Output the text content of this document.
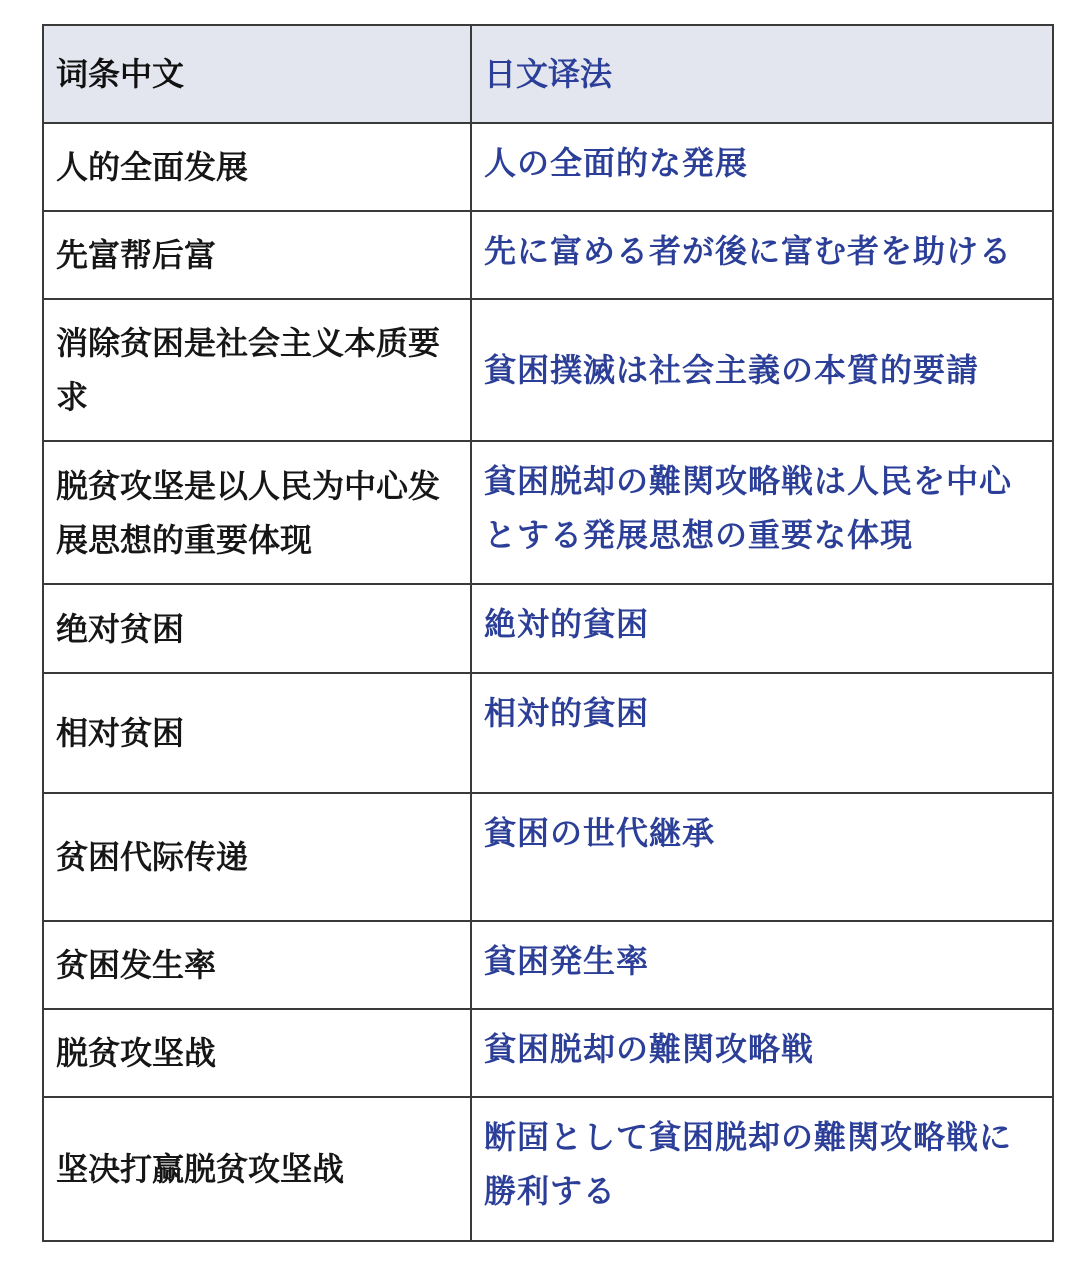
词条中文	日文译法
人的全面发展	人の全面的な発展
先富帮后富	先に富める者が後に富む者を助ける
消除贫困是社会主义本质要求	貧困撲滅は社会主義の本質的要請
脱贫攻坚是以人民为中心发展思想的重要体现	貧困脱却の難関攻略戦は人民を中心とする発展思想の重要な体現
绝对贫困	絶対的貧困
相对贫困	相対的貧困
贫困代际传递	貧困の世代継承
贫困发生率	貧困発生率
脱贫攻坚战	貧困脱却の難関攻略戦
坚决打赢脱贫攻坚战	断固として貧困脱却の難関攻略戦に勝利する
